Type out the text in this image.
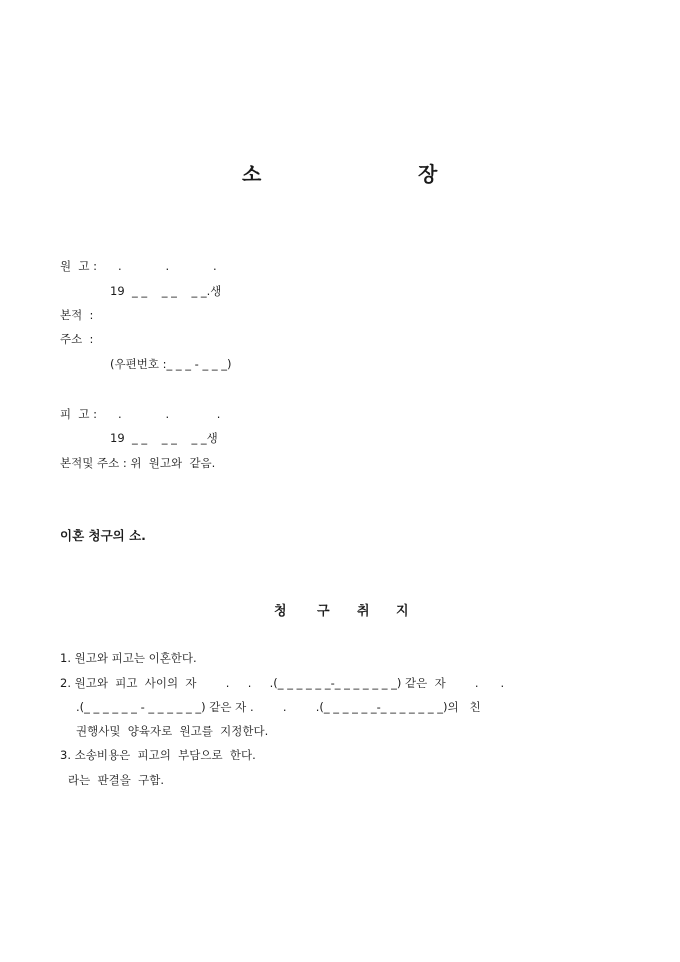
소	장
원  고 : .            .            .
19  _ _    _ _    _ _.생
본적  :
주소  :
(우편번호 :_ _ _ - _ _ _)
피  고 : .            .             .
19  _ _    _ _    _ _생
본적및 주소 : 위  원고와  같음.
이혼 청구의 소.
청 구 취 지
1. 원고와 피고는 이혼한다.
2. 원고와  피고  사이의  자        .     .     .(_ _ _ _ _ _-_ _ _ _ _ _ _) 같은  자        .      .
.(_ _ _ _ _ _ - _ _ _ _ _ _) 같은 자 .        .        .(_ _ _ _ _ _-_ _ _ _ _ _ _)의   친
권행사및  양육자로  원고를  지정한다.
3. 소송비용은  피고의  부담으로  한다.
라는  판결을  구함.
